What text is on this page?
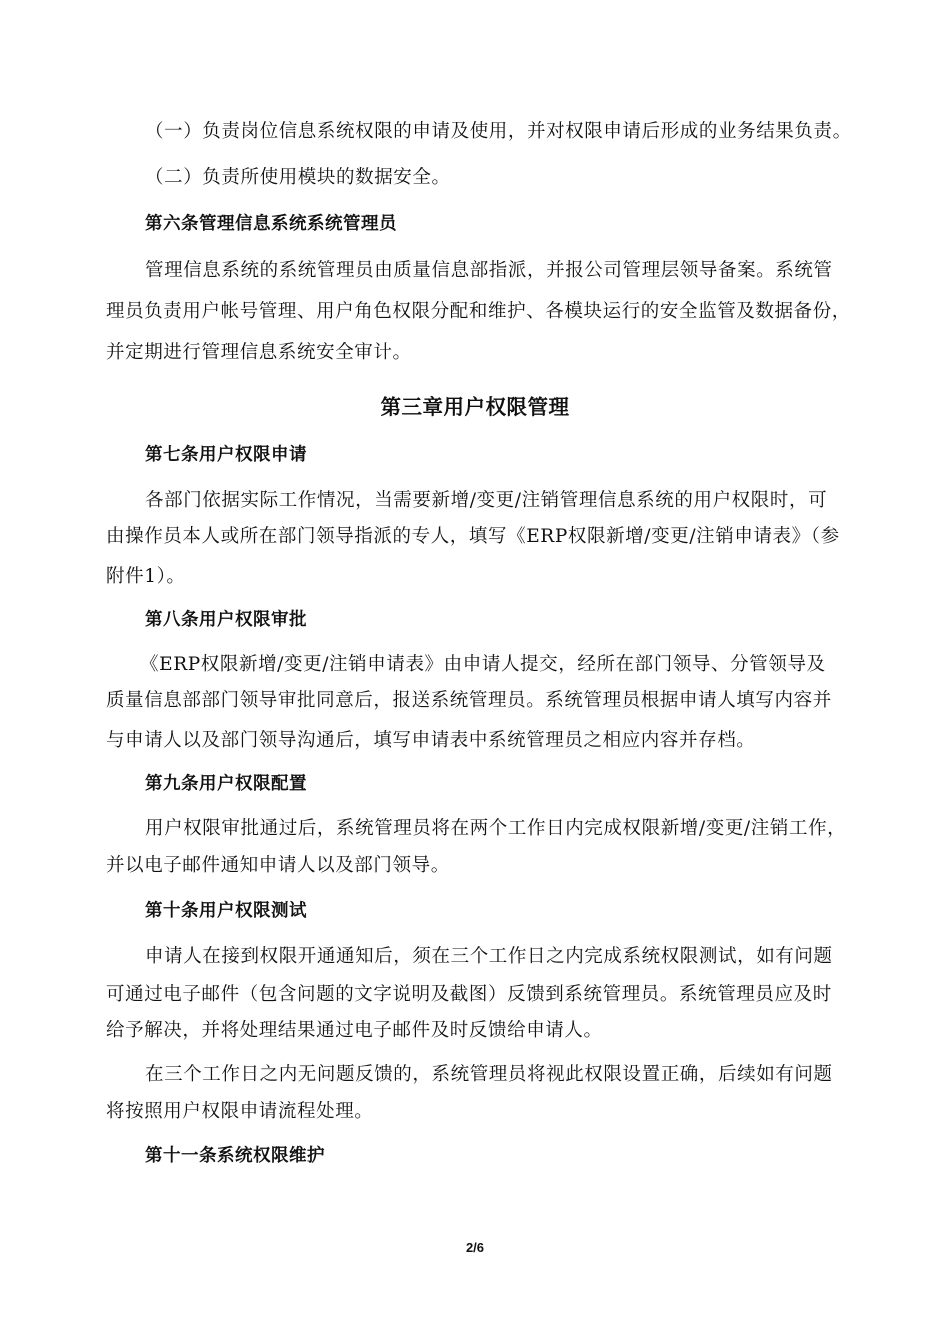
（一）负责岗位信息系统权限的申请及使用，并对权限申请后形成的业务结果负责。
（二）负责所使用模块的数据安全。
第六条管理信息系统系统管理员
管理信息系统的系统管理员由质量信息部指派，并报公司管理层领导备案。系统管
理员负责用户帐号管理、用户角色权限分配和维护、各模块运行的安全监管及数据备份，
并定期进行管理信息系统安全审计。
第三章用户权限管理
第七条用户权限申请
各部门依据实际工作情况，当需要新增/变更/注销管理信息系统的用户权限时，可
由操作员本人或所在部门领导指派的专人，填写《ERP权限新增/变更/注销申请表》（参
附件1）。
第八条用户权限审批
《ERP权限新增/变更/注销申请表》由申请人提交，经所在部门领导、分管领导及
质量信息部部门领导审批同意后，报送系统管理员。系统管理员根据申请人填写内容并
与申请人以及部门领导沟通后，填写申请表中系统管理员之相应内容并存档。
第九条用户权限配置
用户权限审批通过后，系统管理员将在两个工作日内完成权限新增/变更/注销工作，
并以电子邮件通知申请人以及部门领导。
第十条用户权限测试
申请人在接到权限开通通知后，须在三个工作日之内完成系统权限测试，如有问题
可通过电子邮件（包含问题的文字说明及截图）反馈到系统管理员。系统管理员应及时
给予解决，并将处理结果通过电子邮件及时反馈给申请人。
在三个工作日之内无问题反馈的，系统管理员将视此权限设置正确，后续如有问题
将按照用户权限申请流程处理。
第十一条系统权限维护
2/6
